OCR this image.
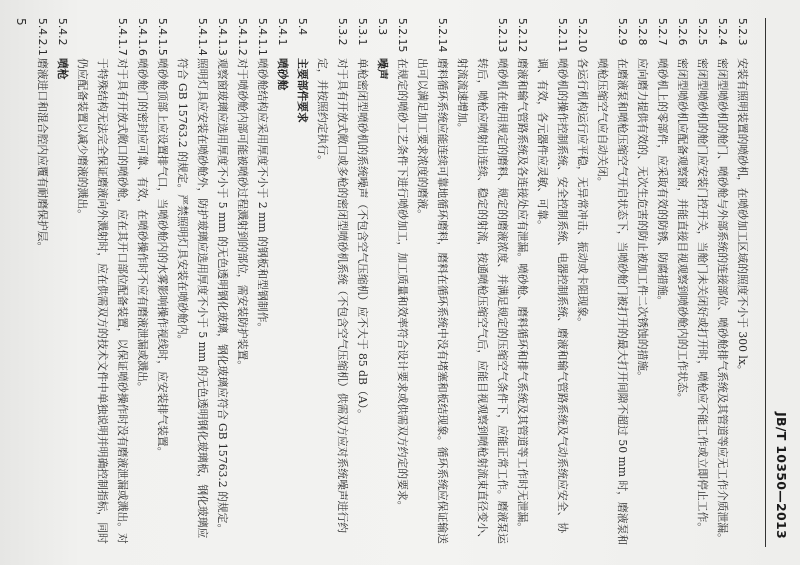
JB/T 10350—2013
5.2.3
安装有照明装置的喷砂机，在喷砂加工区域的照度不小于 300 lx。
5.2.4
密闭型喷砂机的舱门、喷砂舱与外部系统的连接部位、喷砂舱排气系统及其管道等应无工作介质泄漏。
5.2.5
密闭型喷砂机的舱门应安装门控开关，当舱门未关闭好或打开时，喷枪应不能工作或立即停止工作。
5.2.6
密闭型喷砂机应配备观察窗，并能直接目视观察到喷砂舱内的工作状态。
5.2.7
喷砂机上的零部件，应采取有效的防锈、防腐措施。
5.2.8
应向磨力提供有效的、无次生危害的防止被加工件二次锈蚀的措施。
5.2.9
在磨液泵和喷枪压缩空气开启状态下，当喷砂舱门被打开的最大打开间隙不超过 50 mm 时，磨液泵和喷枪压缩空气应自动关闭。
5.2.10
各运行机构运行应平稳，无异常冲击、振动或卡阻现象。
5.2.11
喷砂机的操作控制系统、安全控制系统、电器控制系统、磨液和输气管路系统及气动系统应安全、协调、有效，各元器件应灵敏、可靠。
5.2.12
磨液和输气管路系统及各连接处应有泄漏。喷砂舱、磨料循环和排气系统及其管道等工作时无泄漏。
5.2.13
喷砂机在使用规定的磨料、规定的磨液浓度、并满足规定的压缩空气条件下，应能正常工作。磨液泵运转后，喷枪应喷射出连续、稳定的射流，按通喷枪压缩空气后，应能目视观察到喷枪射流束直径变小、射流流速增加。
5.2.14
磨料循环系统应能连续可靠地循环磨料，磨料在循环系统中没有堵塞和板结现象。循环系统应保证输送出可以满足加工要求浓度的磨液。
5.2.15
在规定的喷砂工艺条件下进行喷砂加工，加工质量和效率符合设计要求或供需双方约定的要求。
5.3
噪声
5.3.1
单枪密闭型喷砂机的系统噪声（不包含空气压缩机）应不大于 85 dB（A）。
5.3.2
对于具有开放式敞口或多枪的密闭型喷砂机系统（不包含空气压缩机）供需双方应对系统噪声进行约定，并按照约定执行。
5.4
主要部件要求
5.4.1
喷砂舱
5.4.1.1
喷砂舱结构应采用厚度不小于 2 mm 的钢板和型钢制作。
5.4.1.2
对于喷砂舱内部可能被喷砂过程溅射到的部位，需安装防护装置。
5.4.1.3
观察窗玻璃应选用厚度不小于 5 mm 的无色透明钢化玻璃，钢化玻璃应符合 GB 15763.2 的规定。
5.4.1.4
照明灯具应安装在喷砂舱外，防护玻璃应选用厚度不小于 5 mm 的无色透明钢化玻璃板，钢化玻璃应符合 GB 15763.2 的规定。严禁照明灯具安装在喷砂舱内。
5.4.1.5
喷砂舱顶部上应设置排气口，当喷砂舱内的水雾影响操作视线时，应安装排气装置。
5.4.1.6
喷砂舱门的密封应可靠、有效，在喷砂操作时不应有磨液泄漏或溅出。
5.4.1.7
对于具有开放式敞口的喷砂舱，应在其开口部位配备装置，以保证喷砂操作时没有磨液泄漏或溅出。对于特殊结构无法完全保证磨液向外溅射时，应在供需双方的技术文件中单独说明并明确控制指标，同时仍应配备装置以减少磨液的溅出。
5.4.2
喷枪
5.4.2.1
磨液进口和混合腔内应覆有耐磨保护层。
5
